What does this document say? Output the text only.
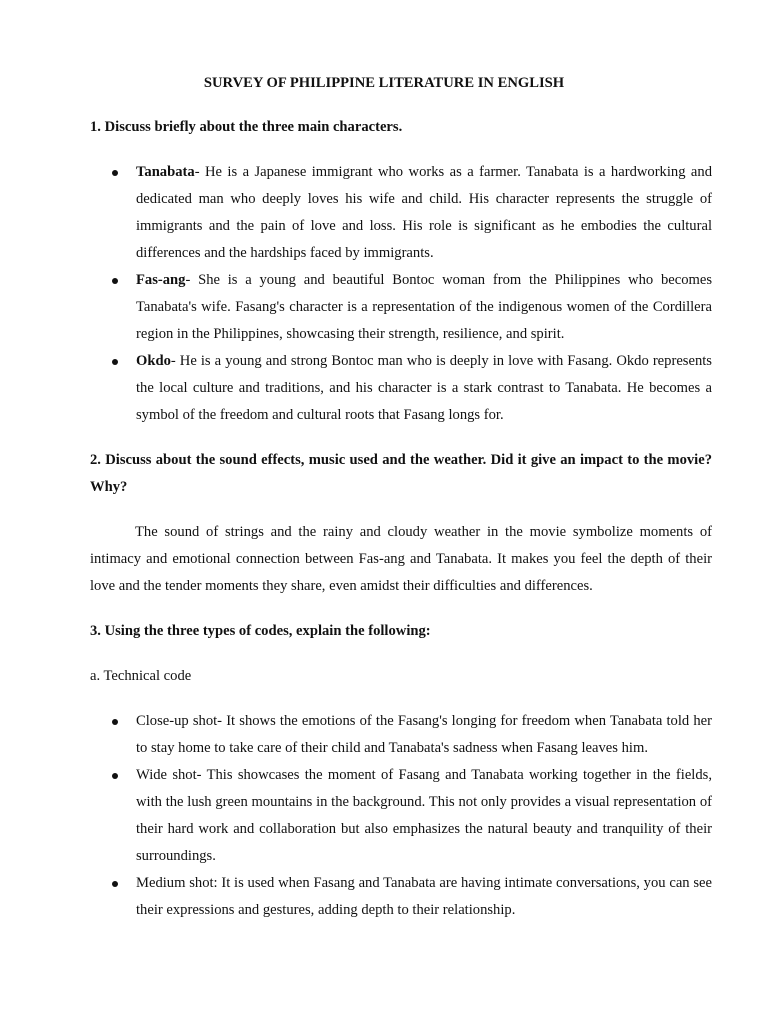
SURVEY OF PHILIPPINE LITERATURE IN ENGLISH
1. Discuss briefly about the three main characters.
Tanabata- He is a Japanese immigrant who works as a farmer. Tanabata is a hardworking and dedicated man who deeply loves his wife and child. His character represents the struggle of immigrants and the pain of love and loss. His role is significant as he embodies the cultural differences and the hardships faced by immigrants.
Fas-ang- She is a young and beautiful Bontoc woman from the Philippines who becomes Tanabata's wife. Fasang's character is a representation of the indigenous women of the Cordillera region in the Philippines, showcasing their strength, resilience, and spirit.
Okdo- He is a young and strong Bontoc man who is deeply in love with Fasang. Okdo represents the local culture and traditions, and his character is a stark contrast to Tanabata. He becomes a symbol of the freedom and cultural roots that Fasang longs for.
2. Discuss about the sound effects, music used and the weather. Did it give an impact to the movie? Why?
The sound of strings and the rainy and cloudy weather in the movie symbolize moments of intimacy and emotional connection between Fas-ang and Tanabata. It makes you feel the depth of their love and the tender moments they share, even amidst their difficulties and differences.
3. Using the three types of codes, explain the following:
a. Technical code
Close-up shot- It shows the emotions of the Fasang's longing for freedom when Tanabata told her to stay home to take care of their child and Tanabata's sadness when Fasang leaves him.
Wide shot- This showcases the moment of Fasang and Tanabata working together in the fields, with the lush green mountains in the background. This not only provides a visual representation of their hard work and collaboration but also emphasizes the natural beauty and tranquility of their surroundings.
Medium shot: It is used when Fasang and Tanabata are having intimate conversations, you can see their expressions and gestures, adding depth to their relationship.
